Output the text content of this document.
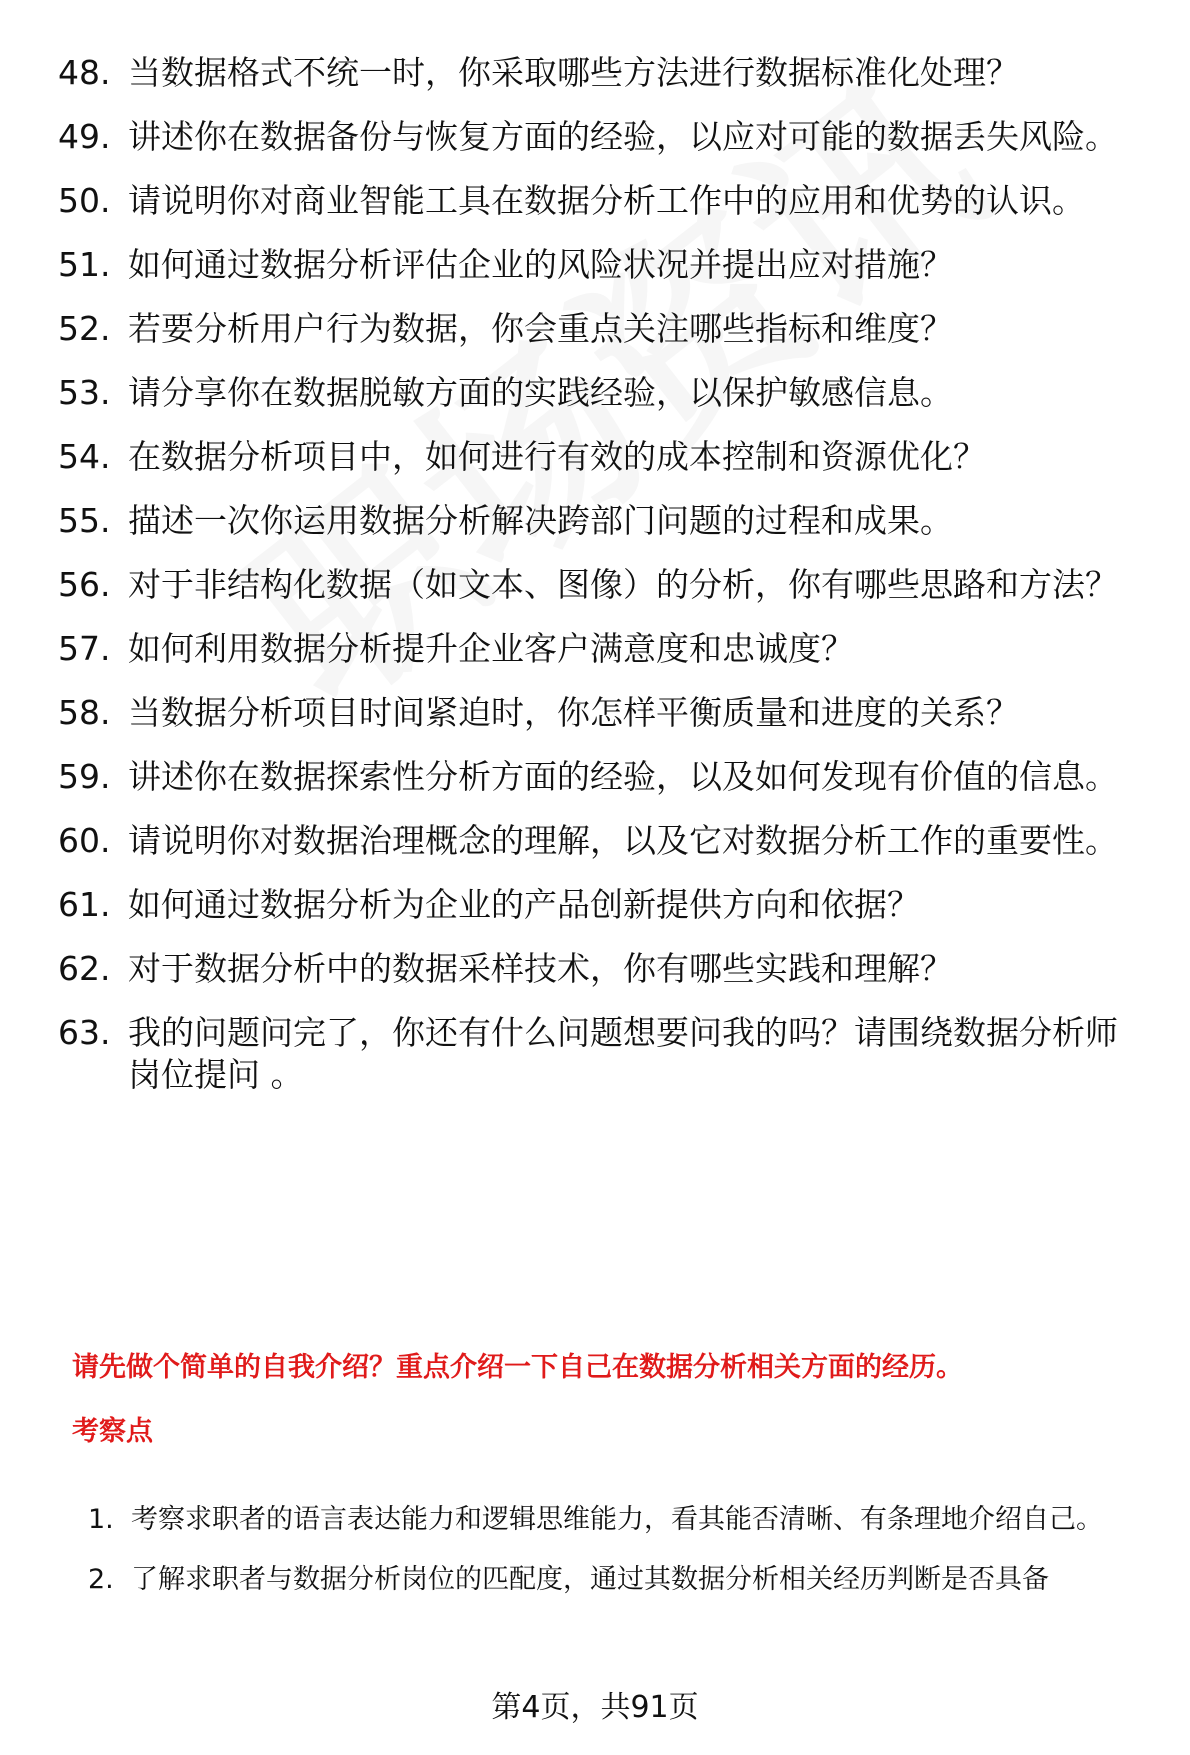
48. 当数据格式不统一时，你采取哪些方法进行数据标准化处理？
49. 讲述你在数据备份与恢复方面的经验，以应对可能的数据丢失风险。
50. 请说明你对商业智能工具在数据分析工作中的应用和优势的认识。
51. 如何通过数据分析评估企业的风险状况并提出应对措施？
52. 若要分析用户行为数据，你会重点关注哪些指标和维度？
53. 请分享你在数据脱敏方面的实践经验，以保护敏感信息。
54. 在数据分析项目中，如何进行有效的成本控制和资源优化？
55. 描述一次你运用数据分析解决跨部门问题的过程和成果。
56. 对于非结构化数据（如文本、图像）的分析，你有哪些思路和方法？
57. 如何利用数据分析提升企业客户满意度和忠诚度？
58. 当数据分析项目时间紧迫时，你怎样平衡质量和进度的关系？
59. 讲述你在数据探索性分析方面的经验，以及如何发现有价值的信息。
60. 请说明你对数据治理概念的理解，以及它对数据分析工作的重要性。
61. 如何通过数据分析为企业的产品创新提供方向和依据？
62. 对于数据分析中的数据采样技术，你有哪些实践和理解？
63. 我的问题问完了，你还有什么问题想要问我的吗？请围绕数据分析师岗位提问 。
请先做个简单的自我介绍？重点介绍一下自己在数据分析相关方面的经历。
考察点
1. 考察求职者的语言表达能力和逻辑思维能力，看其能否清晰、有条理地介绍自己。
2. 了解求职者与数据分析岗位的匹配度，通过其数据分析相关经历判断是否具备
第4页，共91页
